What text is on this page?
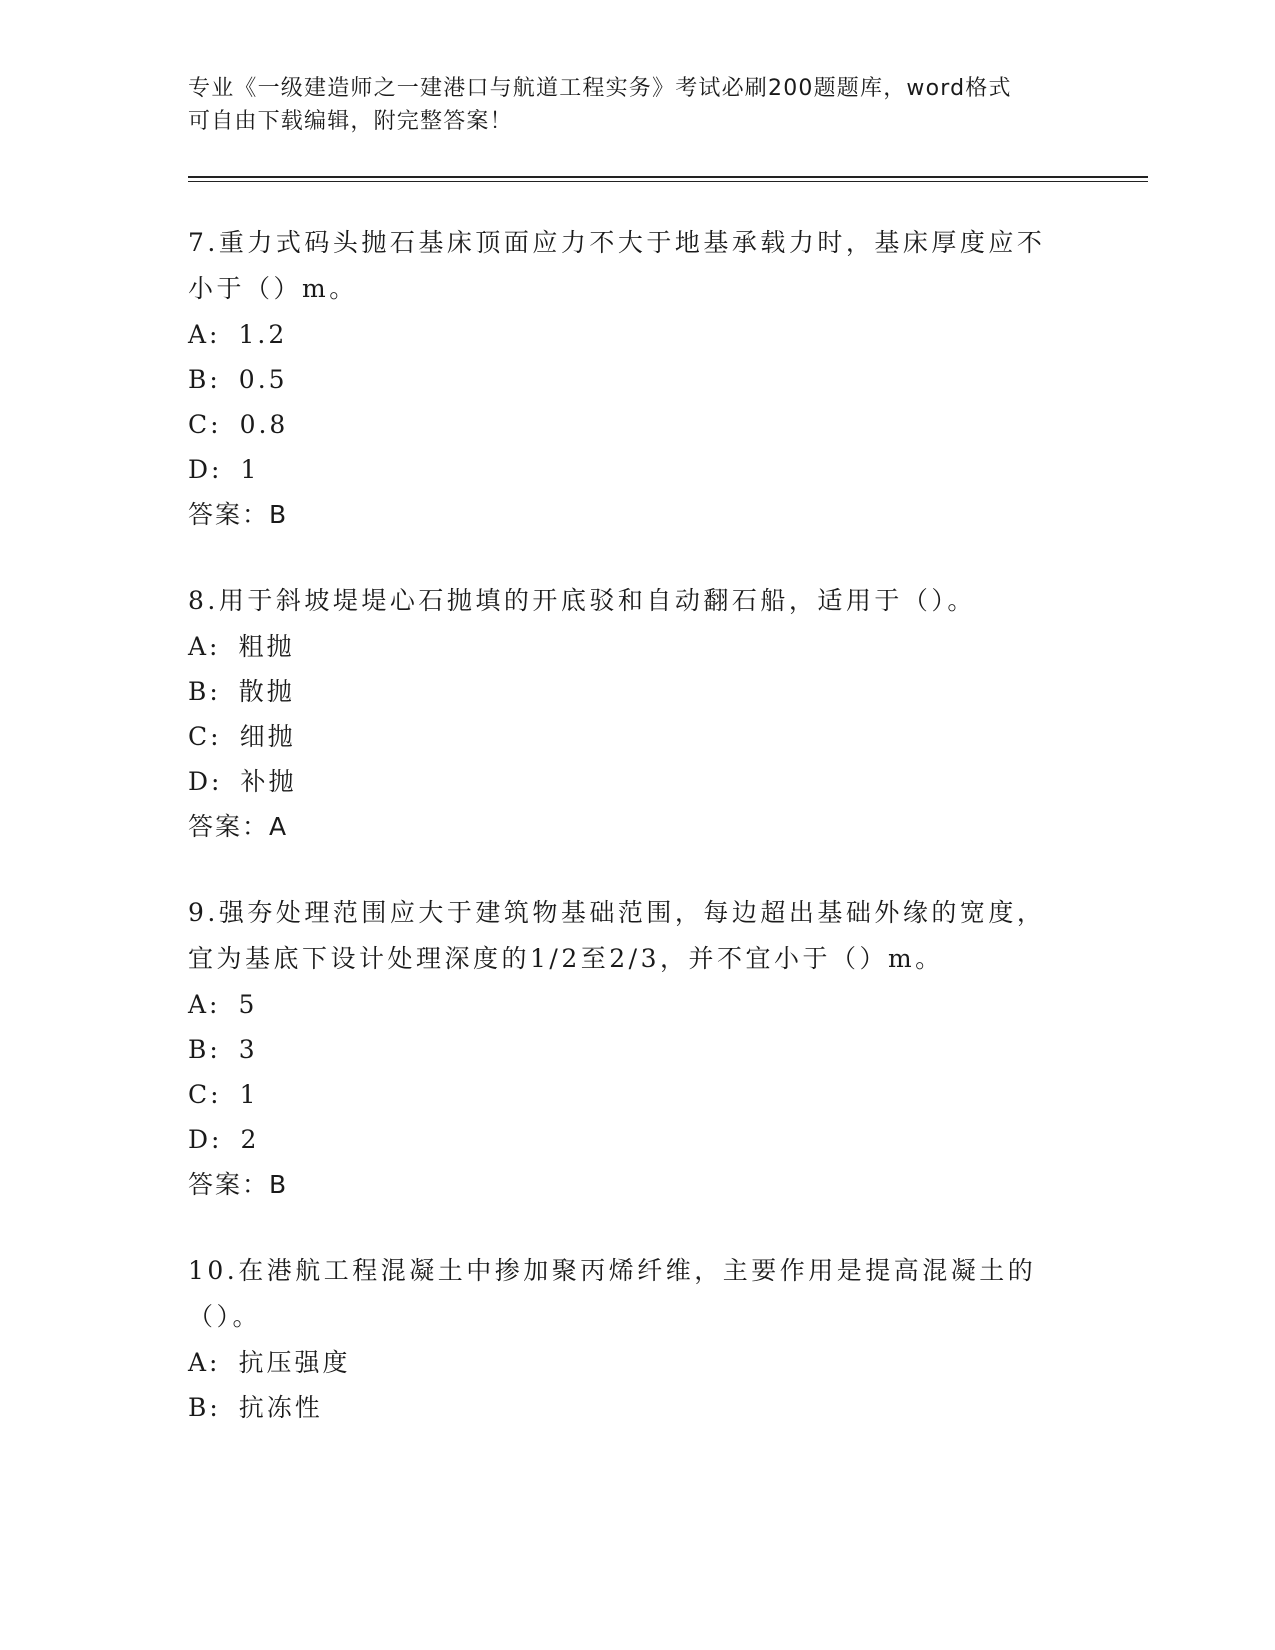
专业《一级建造师之一建港口与航道工程实务》考试必刷200题题库，word格式
可自由下载编辑，附完整答案！

7.重力式码头抛石基床顶面应力不大于地基承载力时，基床厚度应不小于（）m。

A: 1.2

B: 0.5

C: 0.8

D: 1

答案：B

8.用于斜坡堤堤心石抛填的开底驳和自动翻石船，适用于（）。

A: 粗抛

B: 散抛

C: 细抛

D: 补抛

答案：A

9.强夯处理范围应大于建筑物基础范围，每边超出基础外缘的宽度，宜为基底下设计处理深度的1/2至2/3，并不宜小于（）m。

A: 5

B: 3

C: 1

D: 2

答案：B

10.在港航工程混凝土中掺加聚丙烯纤维，主要作用是提高混凝土的（）。

A: 抗压强度

B: 抗冻性
